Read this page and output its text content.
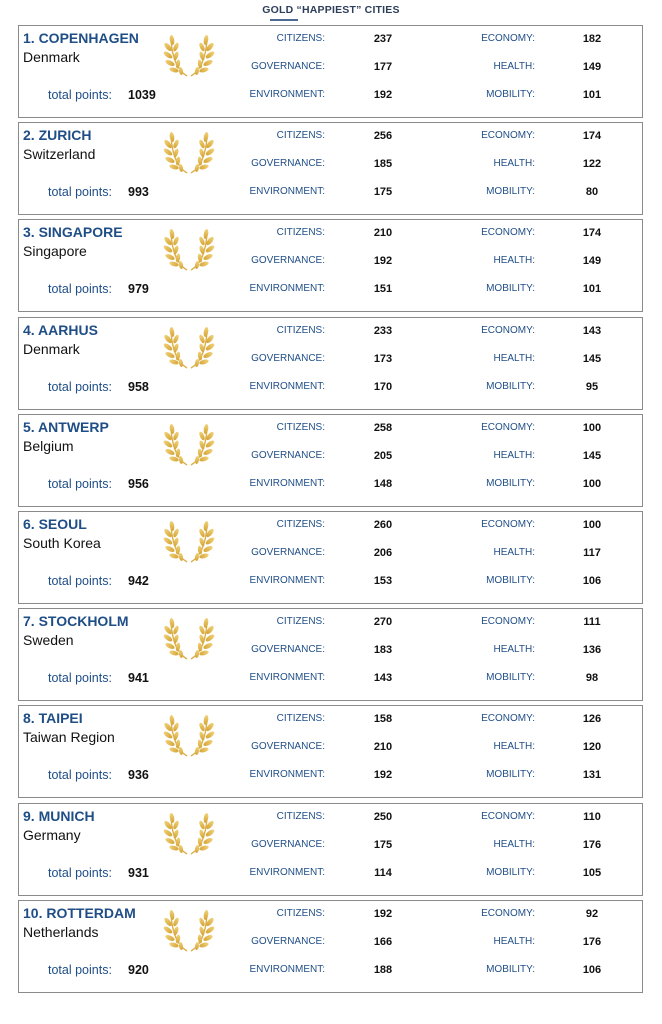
GOLD “HAPPIEST” CITIES
1. COPENHAGEN
Denmark
total points: 1039
CITIZENS:	237
GOVERNANCE:	177
ENVIRONMENT:	192
ECONOMY:	182
HEALTH:	149
MOBILITY:	101
2. ZURICH
Switzerland
total points: 993
CITIZENS:	256
GOVERNANCE:	185
ENVIRONMENT:	175
ECONOMY:	174
HEALTH:	122
MOBILITY:	80
3. SINGAPORE
Singapore
total points: 979
CITIZENS:	210
GOVERNANCE:	192
ENVIRONMENT:	151
ECONOMY:	174
HEALTH:	149
MOBILITY:	101
4. AARHUS
Denmark
total points: 958
CITIZENS:	233
GOVERNANCE:	173
ENVIRONMENT:	170
ECONOMY:	143
HEALTH:	145
MOBILITY:	95
5. ANTWERP
Belgium
total points: 956
CITIZENS:	258
GOVERNANCE:	205
ENVIRONMENT:	148
ECONOMY:	100
HEALTH:	145
MOBILITY:	100
6. SEOUL
South Korea
total points: 942
CITIZENS:	260
GOVERNANCE:	206
ENVIRONMENT:	153
ECONOMY:	100
HEALTH:	117
MOBILITY:	106
7. STOCKHOLM
Sweden
total points: 941
CITIZENS:	270
GOVERNANCE:	183
ENVIRONMENT:	143
ECONOMY:	111
HEALTH:	136
MOBILITY:	98
8. TAIPEI
Taiwan Region
total points: 936
CITIZENS:	158
GOVERNANCE:	210
ENVIRONMENT:	192
ECONOMY:	126
HEALTH:	120
MOBILITY:	131
9. MUNICH
Germany
total points: 931
CITIZENS:	250
GOVERNANCE:	175
ENVIRONMENT:	114
ECONOMY:	110
HEALTH:	176
MOBILITY:	105
10. ROTTERDAM
Netherlands
total points: 920
CITIZENS:	192
GOVERNANCE:	166
ENVIRONMENT:	188
ECONOMY:	92
HEALTH:	176
MOBILITY:	106
